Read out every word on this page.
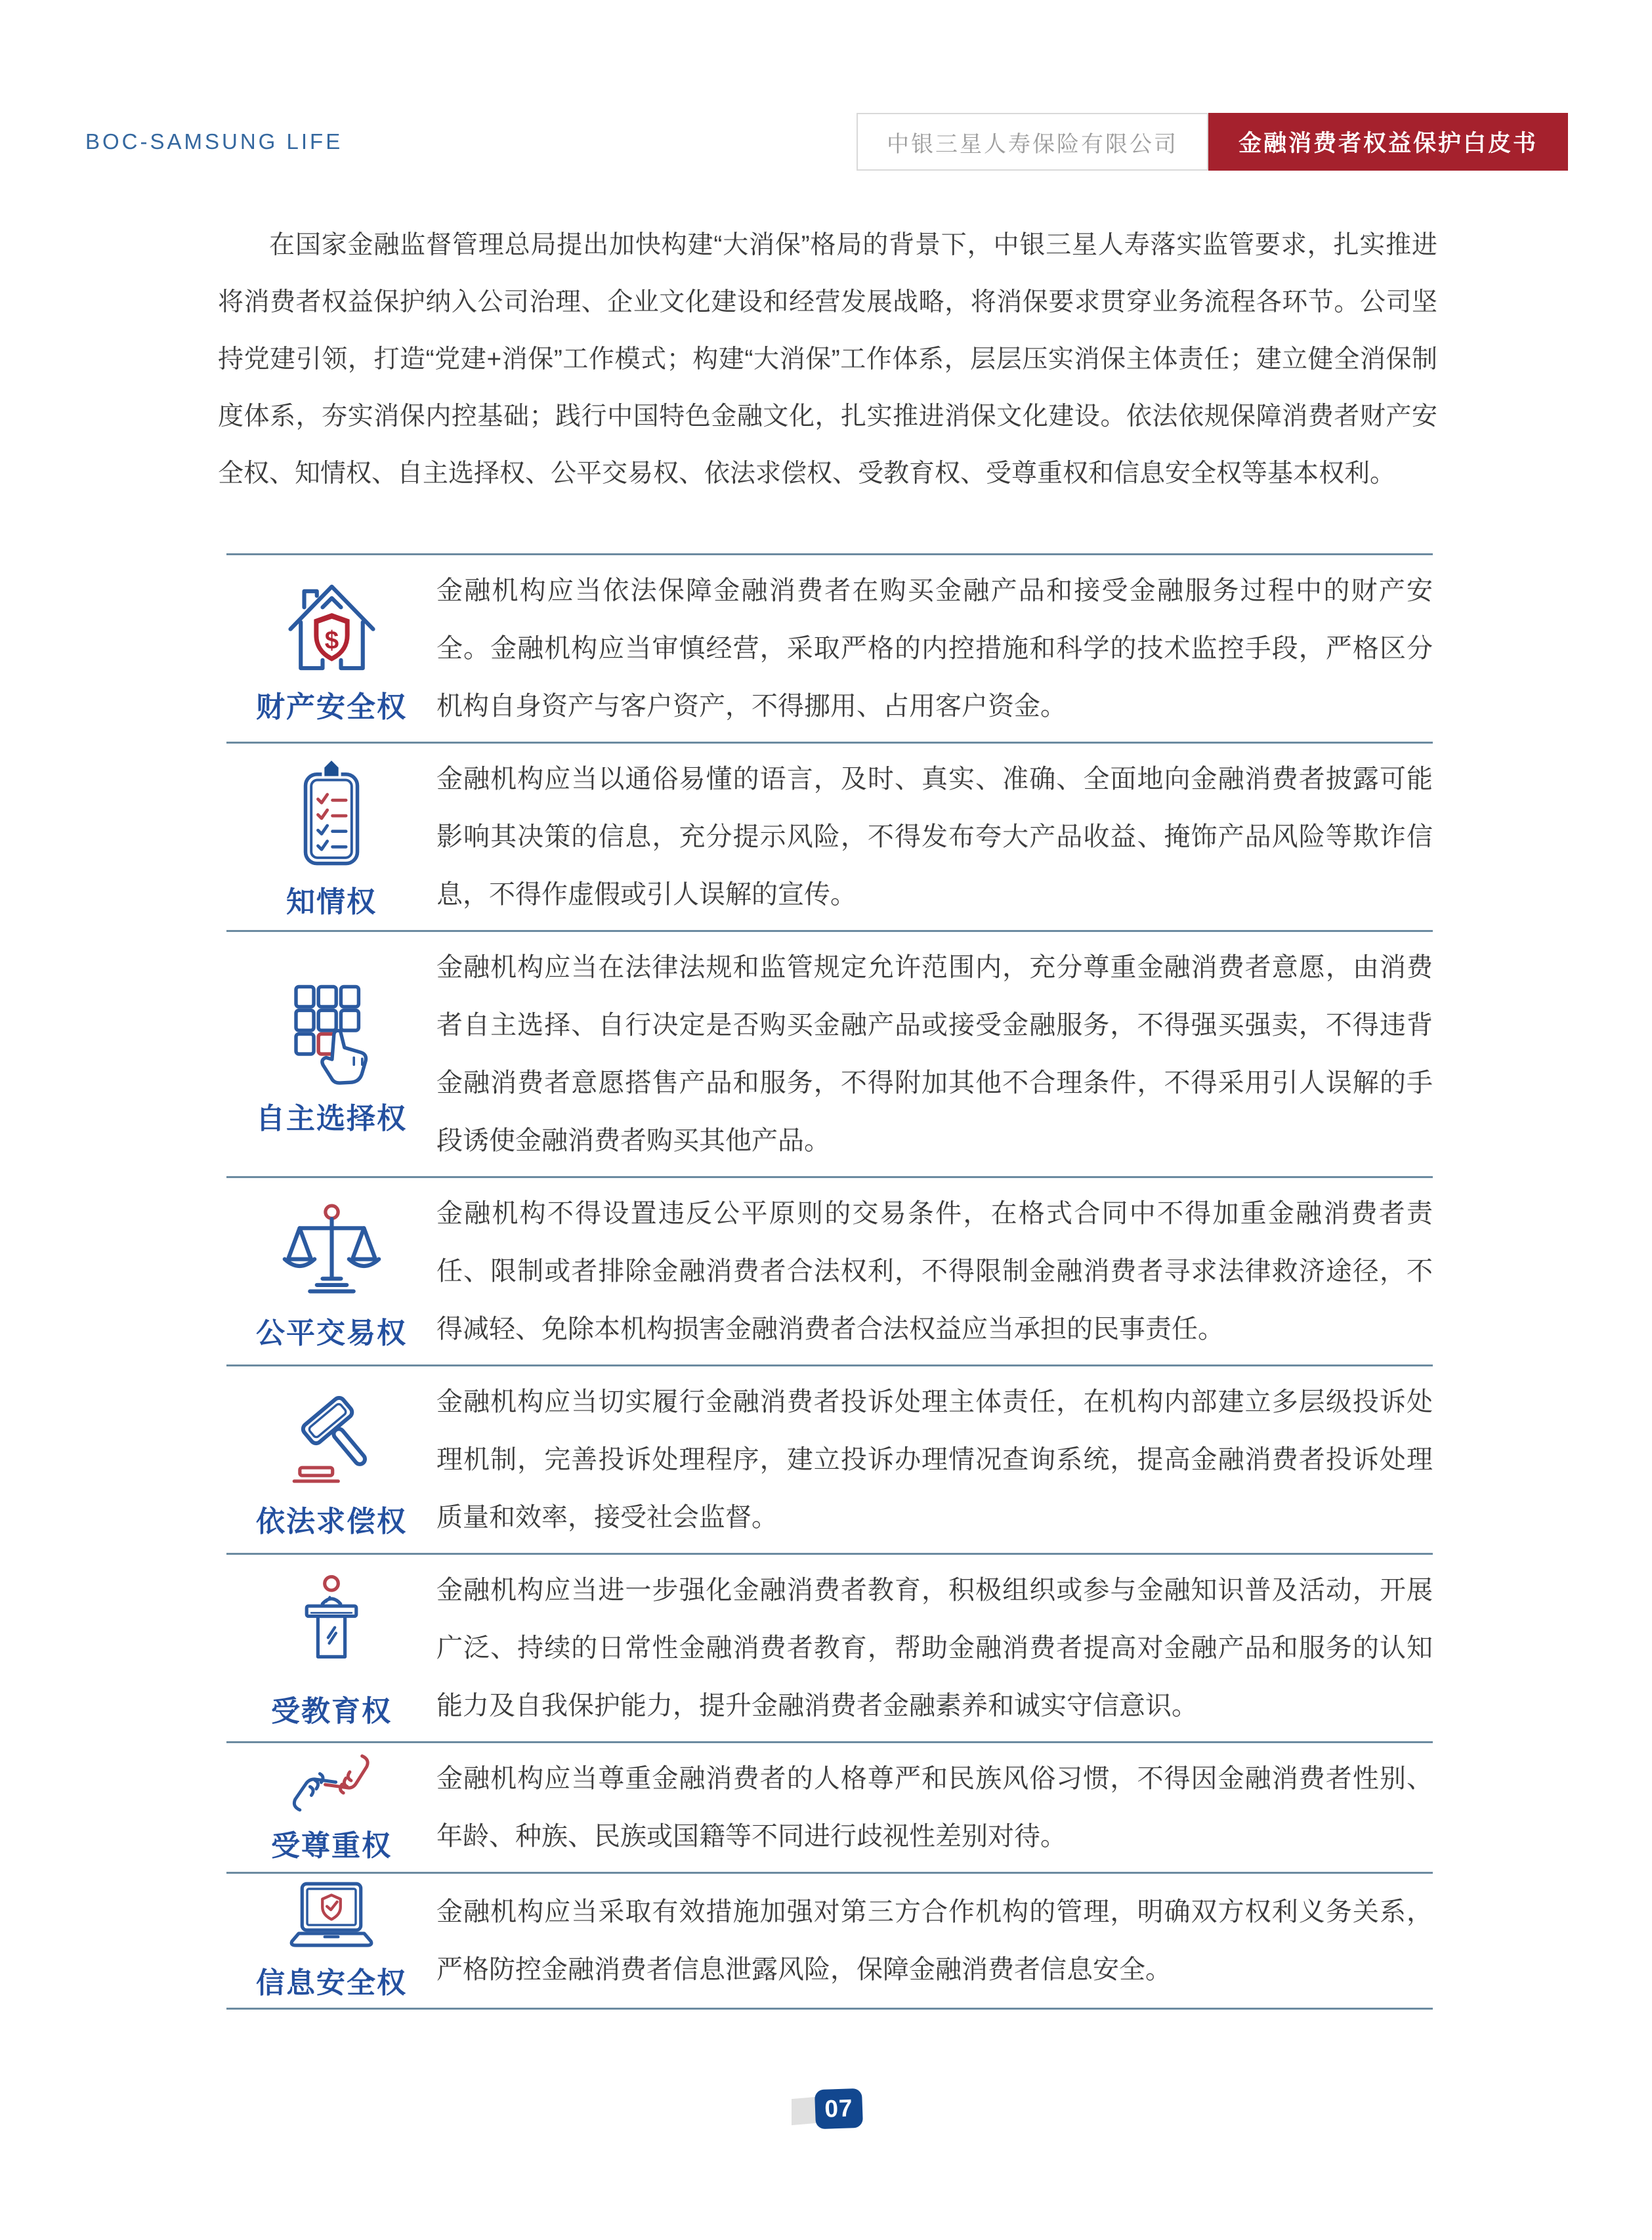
BOC-SAMSUNG LIFE	中银三星人寿保险有限公司	金融消费者权益保护白皮书

在国家金融监督管理总局提出加快构建“大消保”格局的背景下，中银三星人寿落实监管要求，扎实推进将消费者权益保护纳入公司治理、企业文化建设和经营发展战略，将消保要求贯穿业务流程各环节。公司坚持党建引领，打造“党建+消保”工作模式；构建“大消保”工作体系，层层压实消保主体责任；建立健全消保制度体系，夯实消保内控基础；践行中国特色金融文化，扎实推进消保文化建设。依法依规保障消费者财产安全权、知情权、自主选择权、公平交易权、依法求偿权、受教育权、受尊重权和信息安全权等基本权利。

$
财产安全权

金融机构应当依法保障金融消费者在购买金融产品和接受金融服务过程中的财产安全。金融机构应当审慎经营，采取严格的内控措施和科学的技术监控手段，严格区分机构自身资产与客户资产，不得挪用、占用客户资金。

知情权

金融机构应当以通俗易懂的语言，及时、真实、准确、全面地向金融消费者披露可能影响其决策的信息，充分提示风险，不得发布夸大产品收益、掩饰产品风险等欺诈信息，不得作虚假或引人误解的宣传。

自主选择权

金融机构应当在法律法规和监管规定允许范围内，充分尊重金融消费者意愿，由消费者自主选择、自行决定是否购买金融产品或接受金融服务，不得强买强卖，不得违背金融消费者意愿搭售产品和服务，不得附加其他不合理条件，不得采用引人误解的手段诱使金融消费者购买其他产品。

公平交易权

金融机构不得设置违反公平原则的交易条件，在格式合同中不得加重金融消费者责任、限制或者排除金融消费者合法权利，不得限制金融消费者寻求法律救济途径，不得减轻、免除本机构损害金融消费者合法权益应当承担的民事责任。

依法求偿权

金融机构应当切实履行金融消费者投诉处理主体责任，在机构内部建立多层级投诉处理机制，完善投诉处理程序，建立投诉办理情况查询系统，提高金融消费者投诉处理质量和效率，接受社会监督。

受教育权

金融机构应当进一步强化金融消费者教育，积极组织或参与金融知识普及活动，开展广泛、持续的日常性金融消费者教育，帮助金融消费者提高对金融产品和服务的认知能力及自我保护能力，提升金融消费者金融素养和诚实守信意识。

受尊重权

金融机构应当尊重金融消费者的人格尊严和民族风俗习惯，不得因金融消费者性别、年龄、种族、民族或国籍等不同进行歧视性差别对待。

信息安全权

金融机构应当采取有效措施加强对第三方合作机构的管理，明确双方权利义务关系，严格防控金融消费者信息泄露风险，保障金融消费者信息安全。

07
